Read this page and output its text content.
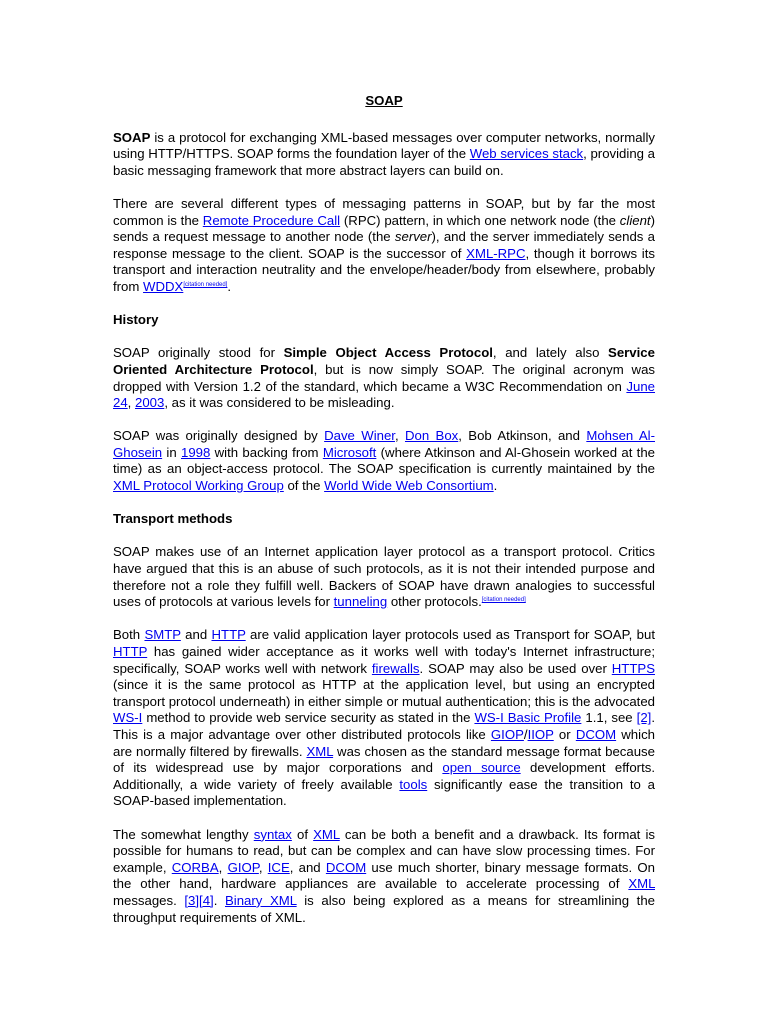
SOAP

SOAP is a protocol for exchanging XML-based messages over computer networks, normally using HTTP/HTTPS. SOAP forms the foundation layer of the Web services stack, providing a basic messaging framework that more abstract layers can build on.

There are several different types of messaging patterns in SOAP, but by far the most common is the Remote Procedure Call (RPC) pattern, in which one network node (the client) sends a request message to another node (the server), and the server immediately sends a response message to the client. SOAP is the successor of XML-RPC, though it borrows its transport and interaction neutrality and the envelope/header/body from elsewhere, probably from WDDX[citation needed].

History

SOAP originally stood for Simple Object Access Protocol, and lately also Service Oriented Architecture Protocol, but is now simply SOAP. The original acronym was dropped with Version 1.2 of the standard, which became a W3C Recommendation on June 24, 2003, as it was considered to be misleading.

SOAP was originally designed by Dave Winer, Don Box, Bob Atkinson, and Mohsen Al-Ghosein in 1998 with backing from Microsoft (where Atkinson and Al-Ghosein worked at the time) as an object-access protocol. The SOAP specification is currently maintained by the XML Protocol Working Group of the World Wide Web Consortium.

Transport methods

SOAP makes use of an Internet application layer protocol as a transport protocol. Critics have argued that this is an abuse of such protocols, as it is not their intended purpose and therefore not a role they fulfill well. Backers of SOAP have drawn analogies to successful uses of protocols at various levels for tunneling other protocols.[citation needed]

Both SMTP and HTTP are valid application layer protocols used as Transport for SOAP, but HTTP has gained wider acceptance as it works well with today's Internet infrastructure; specifically, SOAP works well with network firewalls. SOAP may also be used over HTTPS (since it is the same protocol as HTTP at the application level, but using an encrypted transport protocol underneath) in either simple or mutual authentication; this is the advocated WS-I method to provide web service security as stated in the WS-I Basic Profile 1.1, see [2]. This is a major advantage over other distributed protocols like GIOP/IIOP or DCOM which are normally filtered by firewalls. XML was chosen as the standard message format because of its widespread use by major corporations and open source development efforts. Additionally, a wide variety of freely available tools significantly ease the transition to a SOAP-based implementation.

The somewhat lengthy syntax of XML can be both a benefit and a drawback. Its format is possible for humans to read, but can be complex and can have slow processing times. For example, CORBA, GIOP, ICE, and DCOM use much shorter, binary message formats. On the other hand, hardware appliances are available to accelerate processing of XML messages. [3][4]. Binary XML is also being explored as a means for streamlining the throughput requirements of XML.
